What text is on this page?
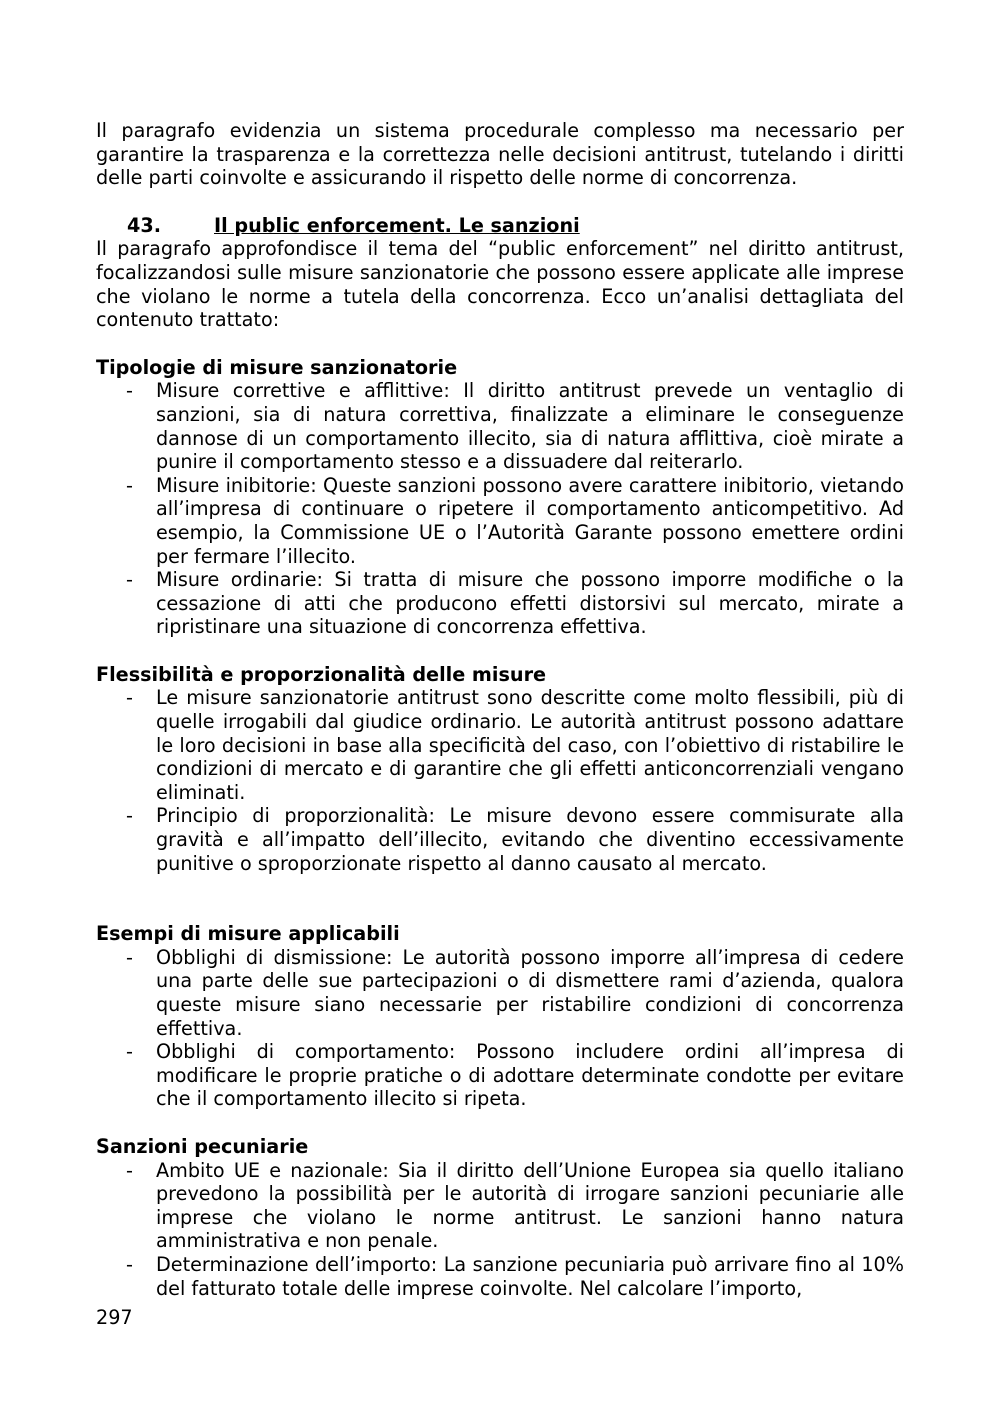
Il paragrafo evidenzia un sistema procedurale complesso ma necessario per garantire la trasparenza e la correttezza nelle decisioni antitrust, tutelando i diritti delle parti coinvolte e assicurando il rispetto delle norme di concorrenza.

43.	Il public enforcement. Le sanzioni

Il paragrafo approfondisce il tema del “public enforcement” nel diritto antitrust, focalizzandosi sulle misure sanzionatorie che possono essere applicate alle imprese che violano le norme a tutela della concorrenza. Ecco un’analisi dettagliata del contenuto trattato:

Tipologie di misure sanzionatorie

- Misure correttive e afflittive: Il diritto antitrust prevede un ventaglio di sanzioni, sia di natura correttiva, finalizzate a eliminare le conseguenze dannose di un comportamento illecito, sia di natura afflittiva, cioè mirate a punire il comportamento stesso e a dissuadere dal reiterarlo.
- Misure inibitorie: Queste sanzioni possono avere carattere inibitorio, vietando all’impresa di continuare o ripetere il comportamento anticompetitivo. Ad esempio, la Commissione UE o l’Autorità Garante possono emettere ordini per fermare l’illecito.
- Misure ordinarie: Si tratta di misure che possono imporre modifiche o la cessazione di atti che producono effetti distorsivi sul mercato, mirate a ripristinare una situazione di concorrenza effettiva.

Flessibilità e proporzionalità delle misure

- Le misure sanzionatorie antitrust sono descritte come molto flessibili, più di quelle irrogabili dal giudice ordinario. Le autorità antitrust possono adattare le loro decisioni in base alla specificità del caso, con l’obiettivo di ristabilire le condizioni di mercato e di garantire che gli effetti anticoncorrenziali vengano eliminati.
- Principio di proporzionalità: Le misure devono essere commisurate alla gravità e all’impatto dell’illecito, evitando che diventino eccessivamente punitive o sproporzionate rispetto al danno causato al mercato.

Esempi di misure applicabili

- Obblighi di dismissione: Le autorità possono imporre all’impresa di cedere una parte delle sue partecipazioni o di dismettere rami d’azienda, qualora queste misure siano necessarie per ristabilire condizioni di concorrenza effettiva.
- Obblighi di comportamento: Possono includere ordini all’impresa di modificare le proprie pratiche o di adottare determinate condotte per evitare che il comportamento illecito si ripeta.

Sanzioni pecuniarie

- Ambito UE e nazionale: Sia il diritto dell’Unione Europea sia quello italiano prevedono la possibilità per le autorità di irrogare sanzioni pecuniarie alle imprese che violano le norme antitrust. Le sanzioni hanno natura amministrativa e non penale.
- Determinazione dell’importo: La sanzione pecuniaria può arrivare fino al 10% del fatturato totale delle imprese coinvolte. Nel calcolare l’importo,
297
